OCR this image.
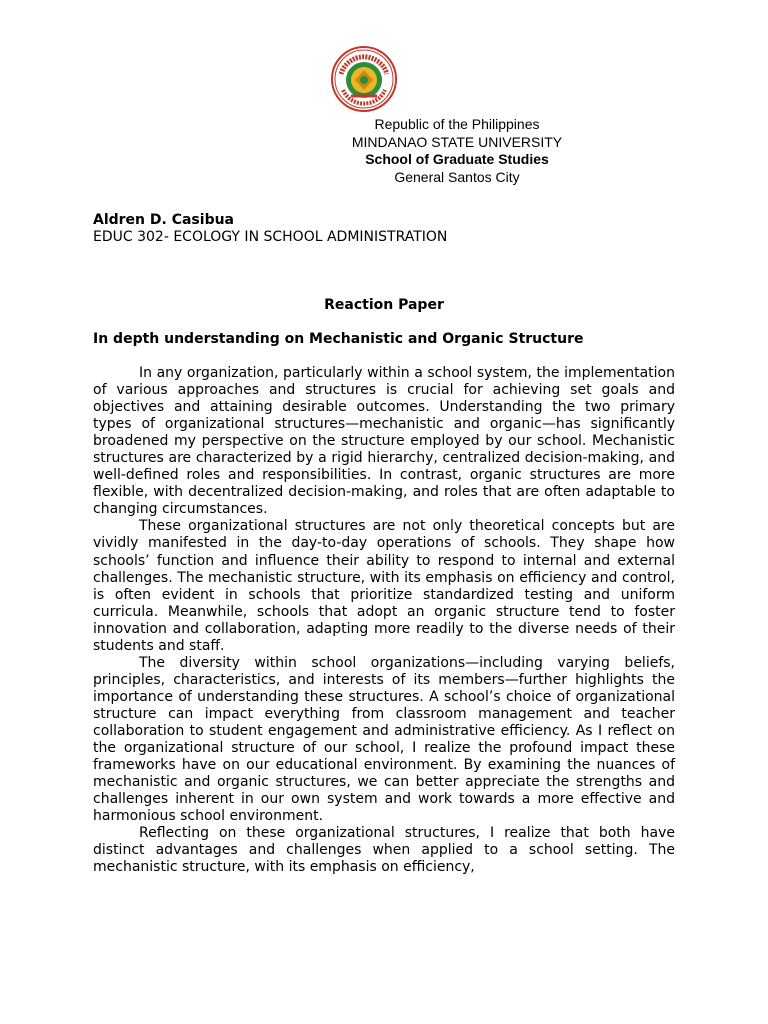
Republic of the Philippines
MINDANAO STATE UNIVERSITY
School of Graduate Studies
General Santos City
Aldren D. Casibua
EDUC 302- ECOLOGY IN SCHOOL ADMINISTRATION
Reaction Paper
In depth understanding on Mechanistic and Organic Structure

In any organization, particularly within a school system, the implementation of various approaches and structures is crucial for achieving set goals and objectives and attaining desirable outcomes. Understanding the two primary types of organizational structures—mechanistic and organic—has significantly broadened my perspective on the structure employed by our school. Mechanistic structures are characterized by a rigid hierarchy, centralized decision-making, and well-defined roles and responsibilities. In contrast, organic structures are more flexible, with decentralized decision-making, and roles that are often adaptable to changing circumstances.

These organizational structures are not only theoretical concepts but are vividly manifested in the day-to-day operations of schools. They shape how schools’ function and influence their ability to respond to internal and external challenges. The mechanistic structure, with its emphasis on efficiency and control, is often evident in schools that prioritize standardized testing and uniform curricula. Meanwhile, schools that adopt an organic structure tend to foster innovation and collaboration, adapting more readily to the diverse needs of their students and staff.

The diversity within school organizations—including varying beliefs, principles, characteristics, and interests of its members—further highlights the importance of understanding these structures. A school’s choice of organizational structure can impact everything from classroom management and teacher collaboration to student engagement and administrative efficiency. As I reflect on the organizational structure of our school, I realize the profound impact these frameworks have on our educational environment. By examining the nuances of mechanistic and organic structures, we can better appreciate the strengths and challenges inherent in our own system and work towards a more effective and harmonious school environment.

Reflecting on these organizational structures, I realize that both have distinct advantages and challenges when applied to a school setting. The mechanistic structure, with its emphasis on efficiency,
